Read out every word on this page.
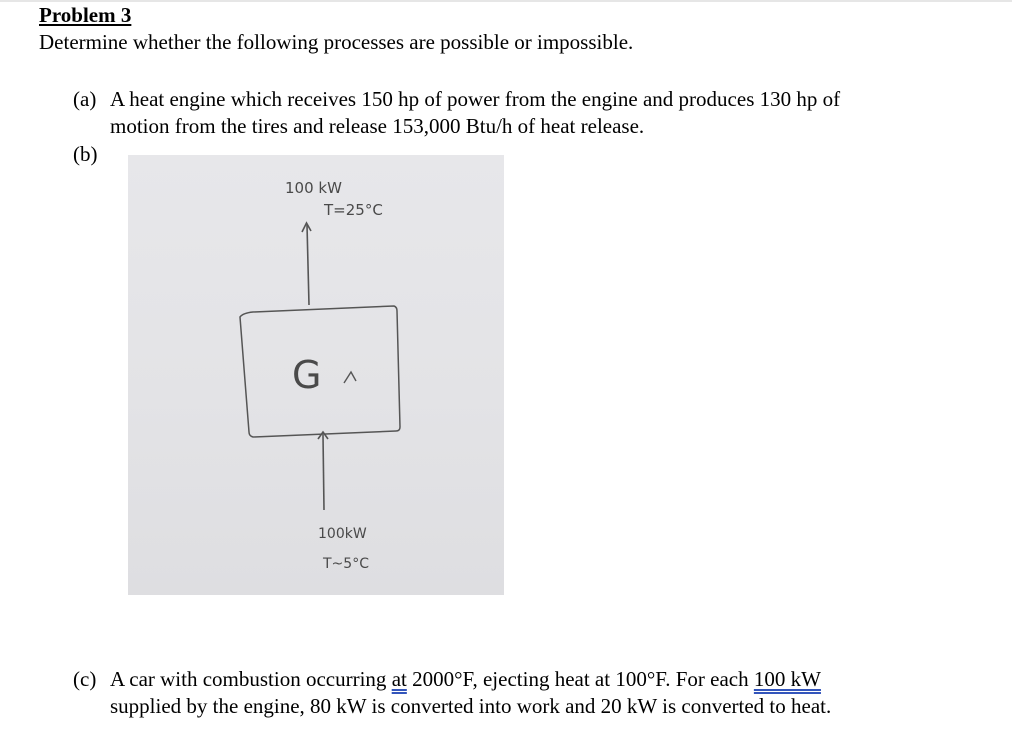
Problem 3
Determine whether the following processes are possible or impossible.
(a) A heat engine which receives 150 hp of power from the engine and produces 130 hp of
motion from the tires and release 153,000 Btu/h of heat release.
(b)
100 kW
T=25°C
G
100kW
T~5°C
(c) A car with combustion occurring at 2000°F, ejecting heat at 100°F. For each 100 kW
supplied by the engine, 80 kW is converted into work and 20 kW is converted to heat.
